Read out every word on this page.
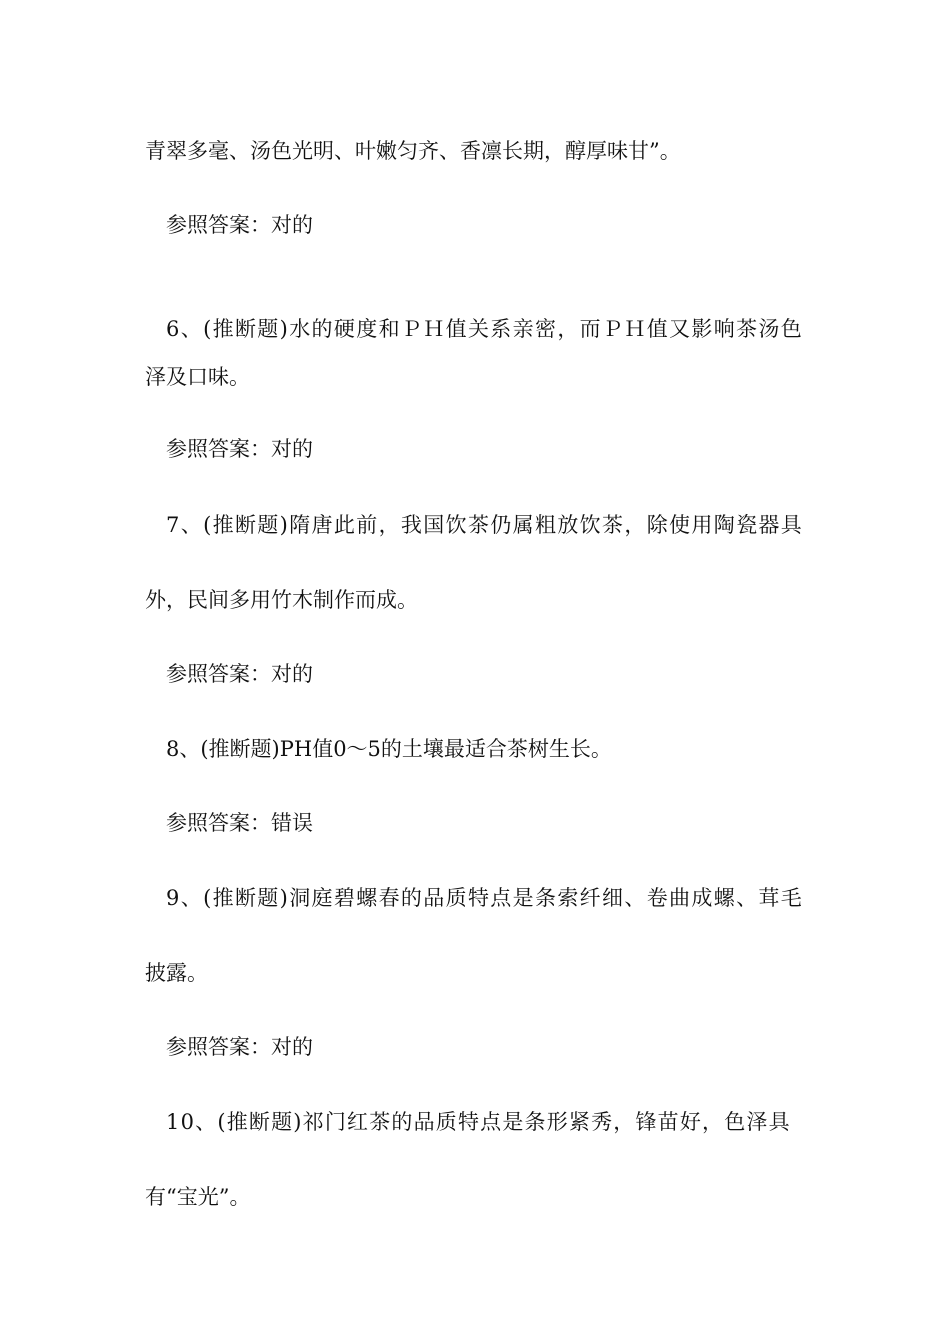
青翠多毫、汤色光明、叶嫩匀齐、香凛长期，醇厚味甘”。
参照答案：对的
6 、 ( 推 断 题 ) 水 的 硬 度 和 Ｐ Ｈ 值 关 系 亲 密 ， 而 Ｐ Ｈ 值 又 影 响 茶 汤 色
泽及口味。
参照答案：对的
7 、 ( 推 断 题 ) 隋 唐 此 前 ， 我 国 饮 茶 仍 属 粗 放 饮 茶 ， 除 使 用 陶 瓷 器 具
外，民间多用竹木制作而成。
参照答案：对的
8、(推断题)PH值0～5的土壤最适合茶树生长。
参照答案：错误
9 、 ( 推 断 题 ) 洞 庭 碧 螺 春 的 品 质 特 点 是 条 索 纤 细 、 卷 曲 成 螺 、 茸 毛
披露。
参照答案：对的
1 0 、 ( 推 断 题 ) 祁 门 红 茶 的 品 质 特 点 是 条 形 紧 秀 ， 锋 苗 好 ， 色 泽 具
有“宝光”。
